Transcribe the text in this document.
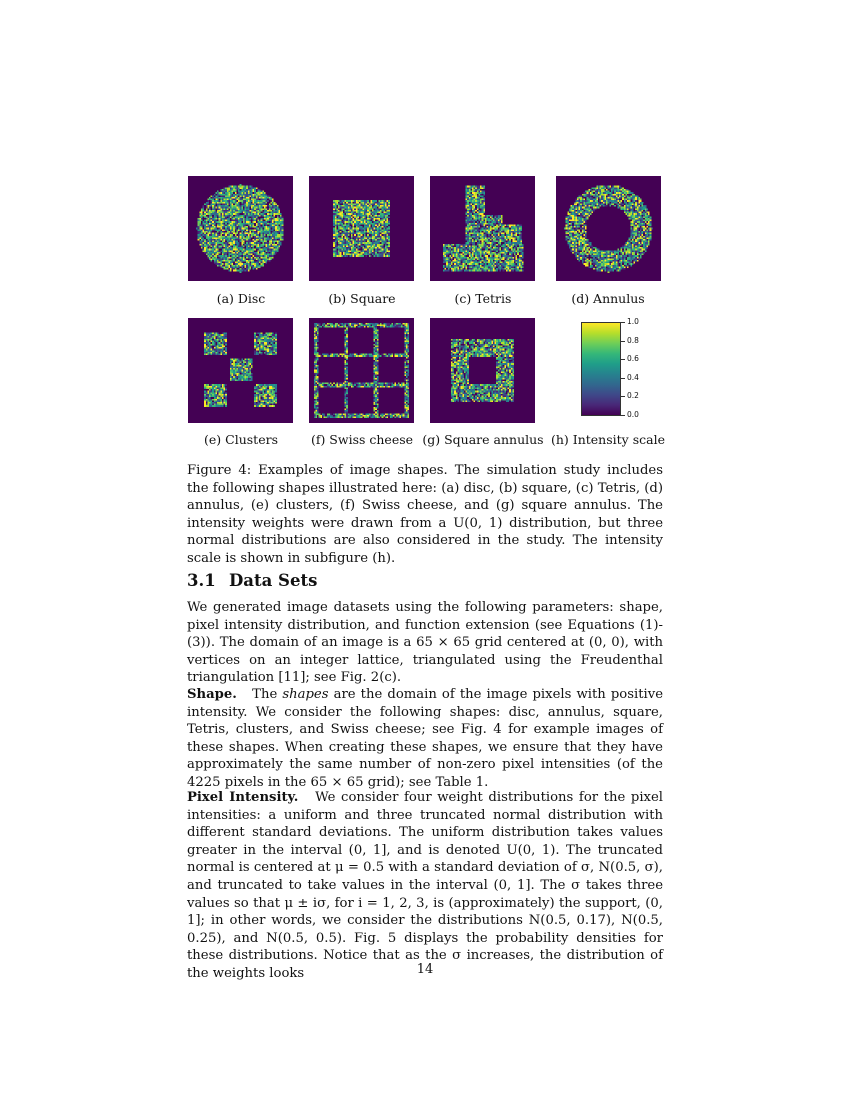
(a) Disc	(b) Square	(c) Tetris	(d) Annulus
0.0
0.2
0.4
0.6
0.8
1.0
(e) Clusters	(f) Swiss cheese (g) Square annulus (h) Intensity scale
Figure 4: Examples of image shapes. The simulation study includes the following shapes illustrated here: (a) disc, (b) square, (c) Tetris, (d) annulus, (e) clusters, (f) Swiss cheese, and (g) square annulus. The intensity weights were drawn from a U(0, 1) distribution, but three normal distributions are also considered in the study. The intensity scale is shown in subfigure (h).
3.1 Data Sets
We generated image datasets using the following parameters: shape, pixel intensity distribution, and function extension (see Equations (1)-(3)). The domain of an image is a 65 × 65 grid centered at (0, 0), with vertices on an integer lattice, triangulated using the Freudenthal triangulation [11]; see Fig. 2(c).
Shape. The shapes are the domain of the image pixels with positive intensity. We consider the following shapes: disc, annulus, square, Tetris, clusters, and Swiss cheese; see Fig. 4 for example images of these shapes. When creating these shapes, we ensure that they have approximately the same number of non-zero pixel intensities (of the 4225 pixels in the 65 × 65 grid); see Table 1.
Pixel Intensity. We consider four weight distributions for the pixel intensities: a uniform and three truncated normal distribution with different standard deviations. The uniform distribution takes values greater in the interval (0, 1], and is denoted U(0, 1). The truncated normal is centered at μ = 0.5 with a standard deviation of σ, N(0.5, σ), and truncated to take values in the interval (0, 1]. The σ takes three values so that μ ± iσ, for i = 1, 2, 3, is (approximately) the support, (0, 1]; in other words, we consider the distributions N(0.5, 0.17), N(0.5, 0.25), and N(0.5, 0.5). Fig. 5 displays the probability densities for these distributions. Notice that as the σ increases, the distribution of the weights looks	14
